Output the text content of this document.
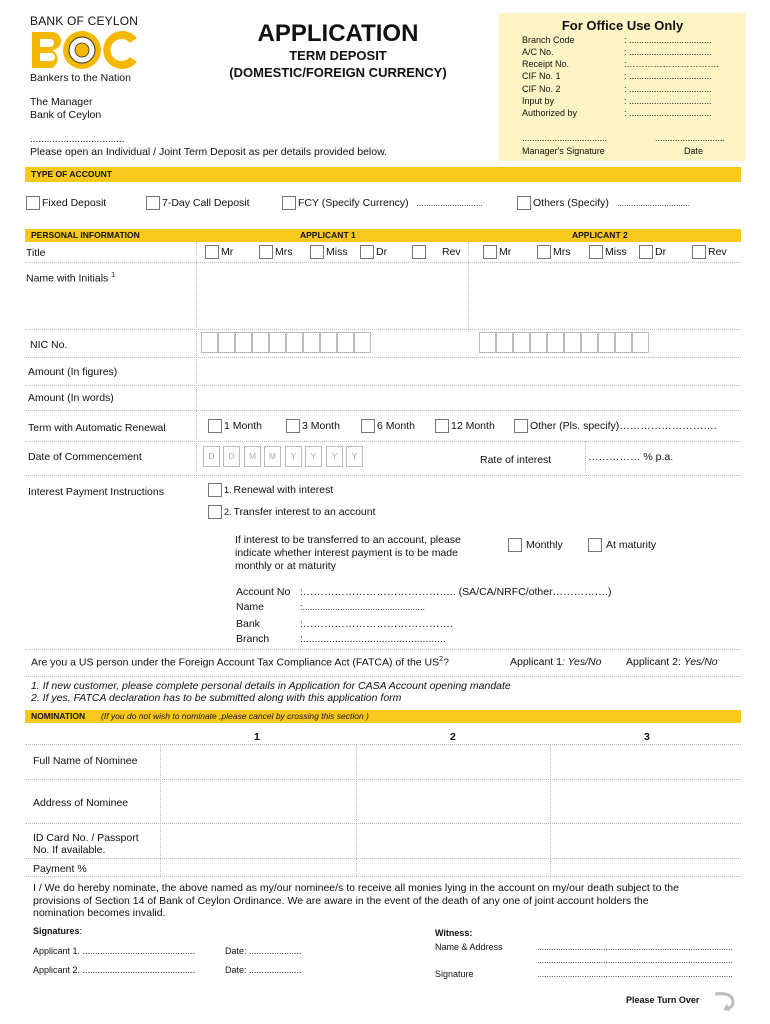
BANK OF CEYLON
Bankers to the Nation
APPLICATION
TERM DEPOSIT
(DOMESTIC/FOREIGN CURRENCY)
The Manager
Bank of Ceylon
..................................
Please open an Individual / Joint Term Deposit as per details provided below.
For Office Use Only
Branch Code	: .................................
A/C No.	: .................................
Receipt No.	:………………………….
CIF No. 1	: .................................
CIF No. 2	: .................................
Input by	: .................................
Authorized by	: .................................
..................................	............................
Manager's Signature	Date
TYPE OF ACCOUNT
Fixed Deposit	7-Day Call Deposit	FCY (Specify Currency) ............................	Others (Specify) ...............................
PERSONAL INFORMATION	APPLICANT 1	APPLICANT 2
Title	Mr	Mrs	Miss	Dr	Rev	Mr	Mrs	Miss	Dr	Rev
Name with Initials $^1$
NIC No.
Amount (In figures)
Amount (In words)
Term with Automatic Renewal	1 Month	3 Month	6 Month	12 Month	Other (Pls. specify)……………………….
Date of Commencement	D	D	M	M	Y	Y	Y	Y	Rate of interest	…………… % p.a.
Interest Payment Instructions	1. Renewal with interest
2. Transfer interest to an account
If interest to be transferred to an account, please
indicate whether interest payment is to be made
monthly or at maturity
Monthly	At maturity
Account No :…………………………………….. (SA/CA/NRFC/other…………….)
Name	:.................................................
Bank	:…………………………………….
Branch	:.................................................
Are you a US person under the Foreign Account Tax Compliance Act (FATCA) of the $US^2$?	Applicant 1: Yes/No Applicant 2: Yes/No
1. If new customer, please complete personal details in Application for CASA Account opening mandate
2. If yes, FATCA declaration has to be submitted along with this application form
NOMINATION (If you do not wish to nominate ,please cancel by crossing this section )
1	2	3
Full Name of Nominee
Address of Nominee
ID Card No. / Passport
No. If available.
Payment %
I / We do hereby nominate, the above named as my/our nominee/s to receive all monies lying in the account on my/our death subject to the
provisions of Section 14 of Bank of Ceylon Ordinance. We are aware in the event of the death of any one of joint account holders the
nomination becomes invalid.
Signatures:
Applicant 1. .............................................	Date: .....................
Applicant 2. .............................................	Date: .....................
Witness:
Name & Address	...................................................................................
...................................................................................
Signature	...................................................................................
Please Turn Over
